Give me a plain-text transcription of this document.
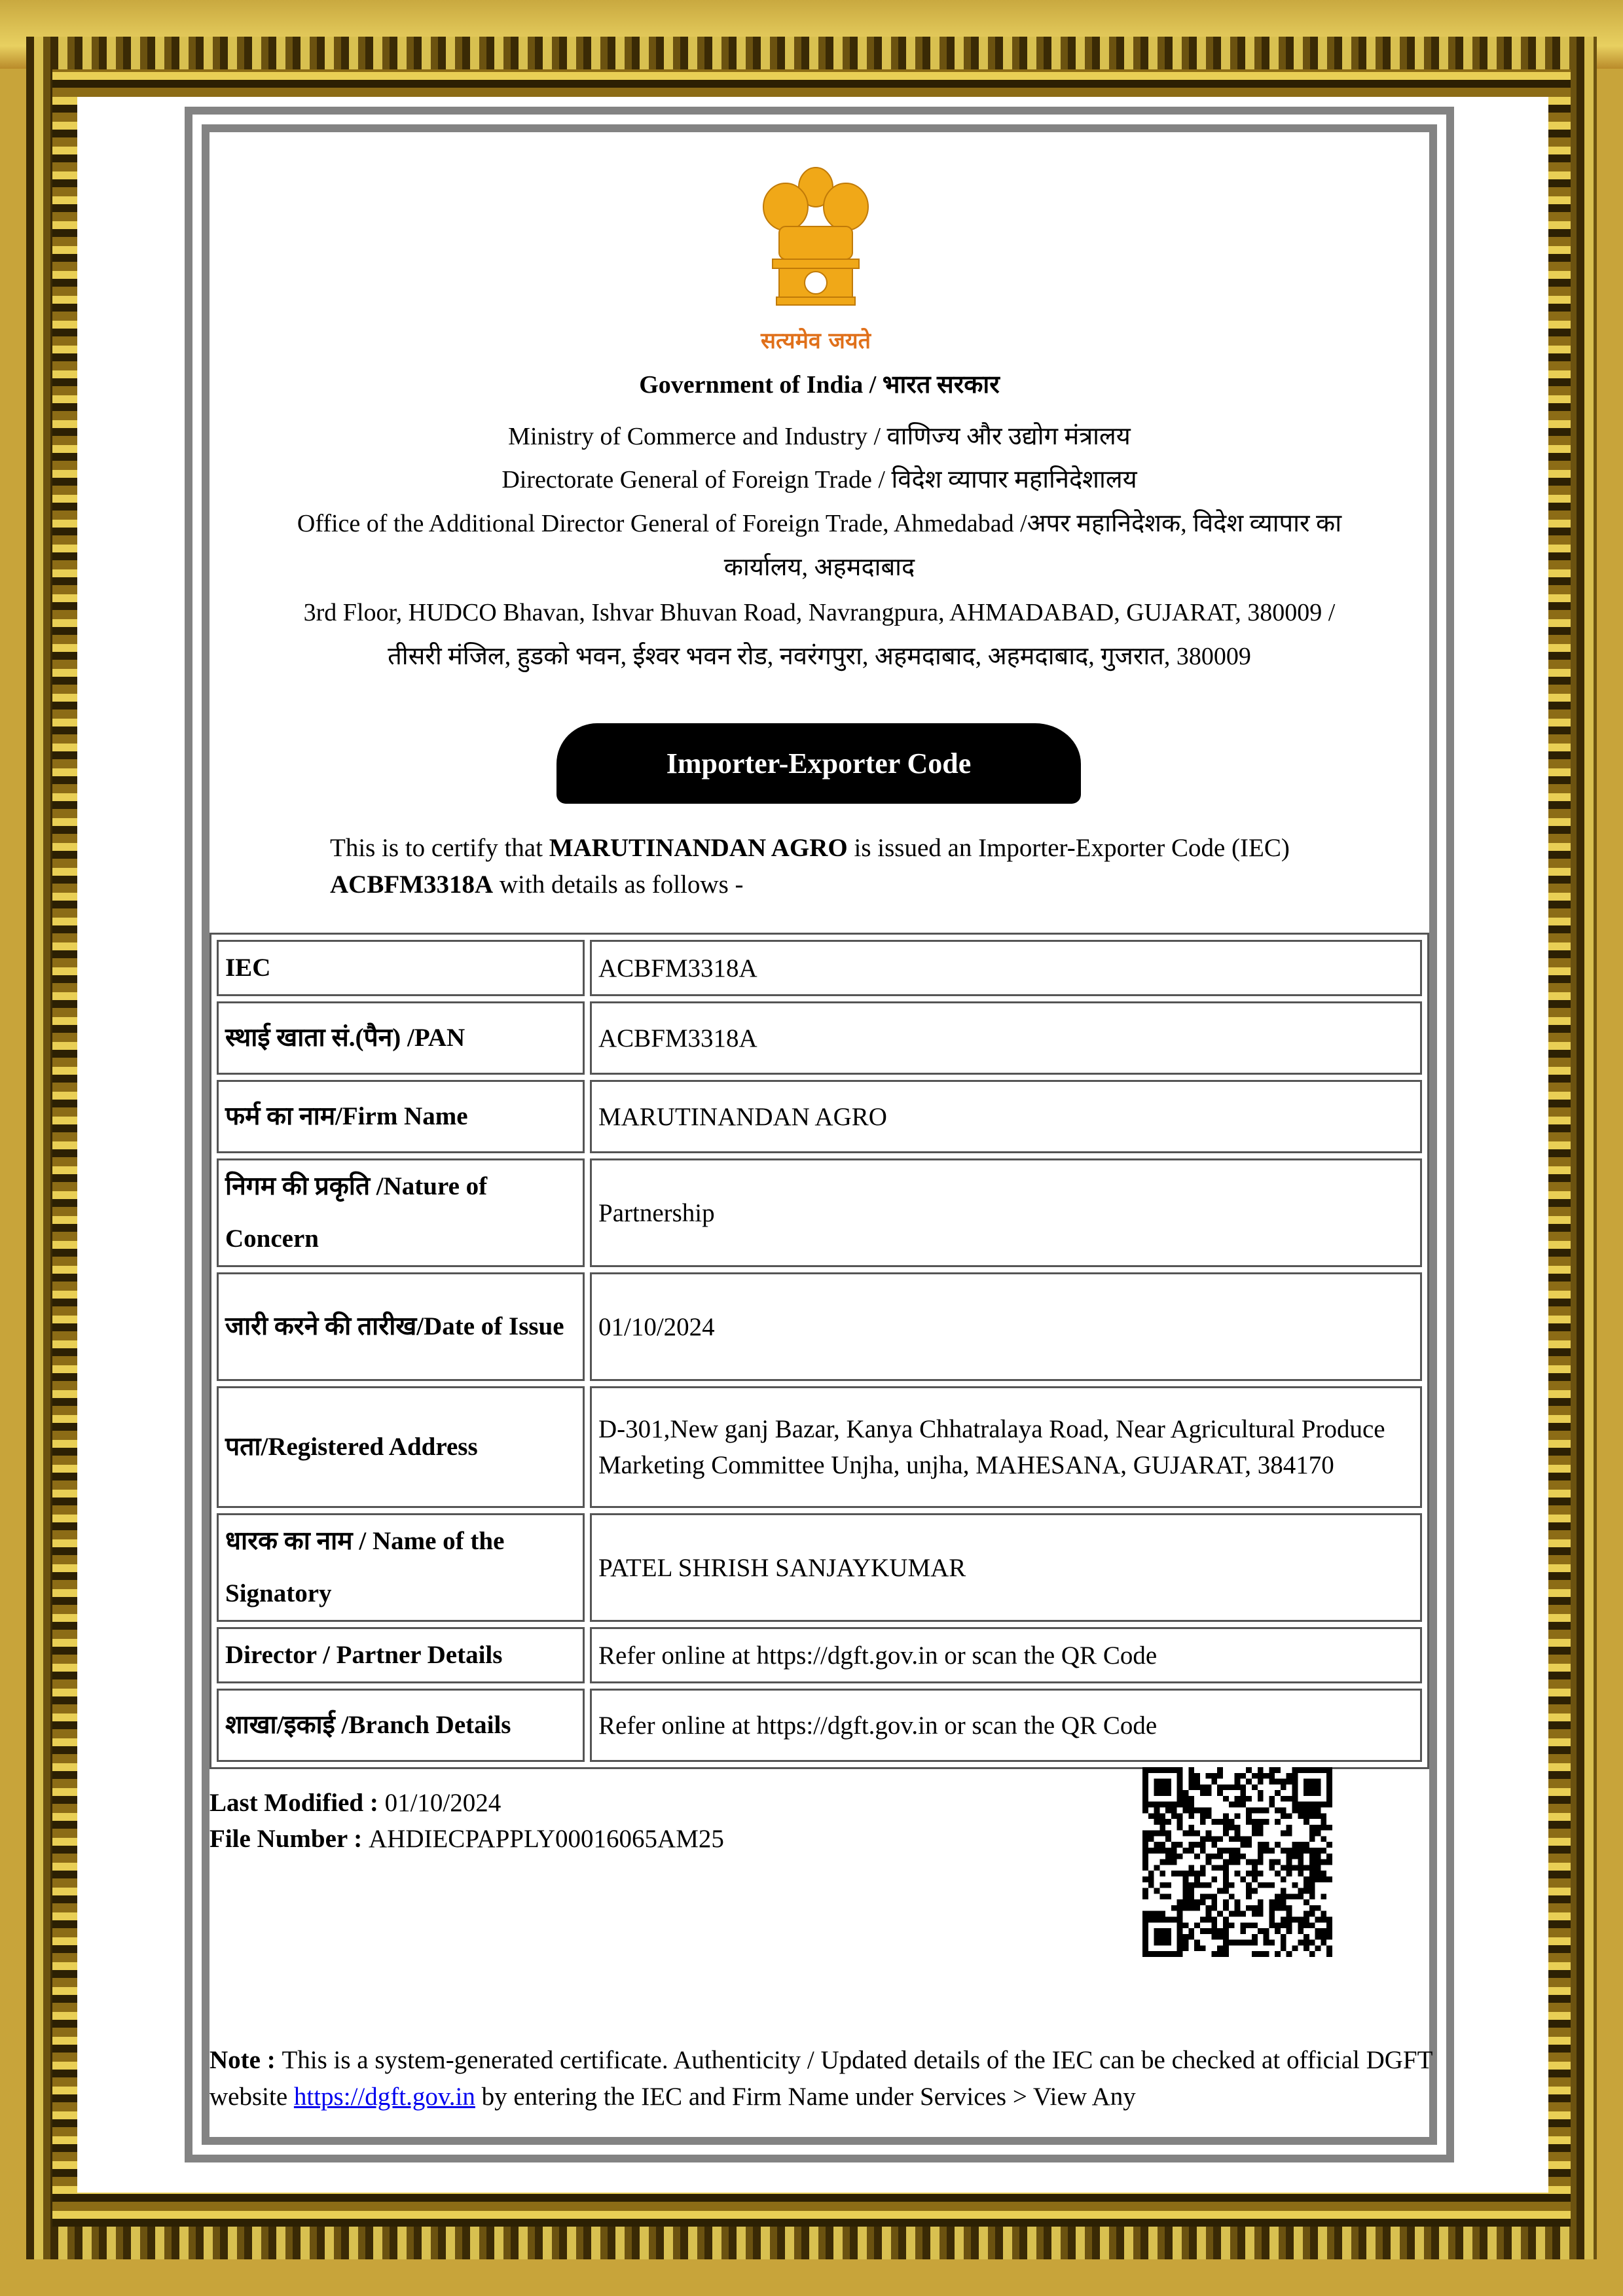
सत्यमेव जयते
Government of India / भारत सरकार
Ministry of Commerce and Industry / वाणिज्य और उद्योग मंत्रालय
Directorate General of Foreign Trade / विदेश व्यापार महानिदेशालय
Office of the Additional Director General of Foreign Trade, Ahmedabad /अपर महानिदेशक, विदेश व्यापार का
कार्यालय, अहमदाबाद
3rd Floor, HUDCO Bhavan, Ishvar Bhuvan Road, Navrangpura, AHMADABAD, GUJARAT, 380009 /
तीसरी मंजिल, हुडको भवन, ईश्वर भवन रोड, नवरंगपुरा, अहमदाबाद, अहमदाबाद, गुजरात, 380009
Importer-Exporter Code
This is to certify that MARUTINANDAN AGRO is issued an Importer-Exporter Code (IEC) ACBFM3318A with details as follows -
IEC	ACBFM3318A
स्थाई खाता सं.(पैन) /PAN	ACBFM3318A
फर्म का नाम/Firm Name	MARUTINANDAN AGRO
निगम की प्रकृति /Nature of Concern	Partnership
जारी करने की तारीख/Date of Issue	01/10/2024
पता/Registered Address	D-301,New ganj Bazar, Kanya Chhatralaya Road, Near Agricultural Produce Marketing Committee Unjha, unjha, MAHESANA, GUJARAT, 384170
धारक का नाम / Name of the Signatory	PATEL SHRISH SANJAYKUMAR
Director / Partner Details	Refer online at https://dgft.gov.in or scan the QR Code
शाखा/इकाई /Branch Details	Refer online at https://dgft.gov.in or scan the QR Code
Last Modified : 01/10/2024
File Number : AHDIECPAPPLY00016065AM25
Note : This is a system-generated certificate. Authenticity / Updated details of the IEC can be checked at official DGFT website https://dgft.gov.in by entering the IEC and Firm Name under Services > View Any
